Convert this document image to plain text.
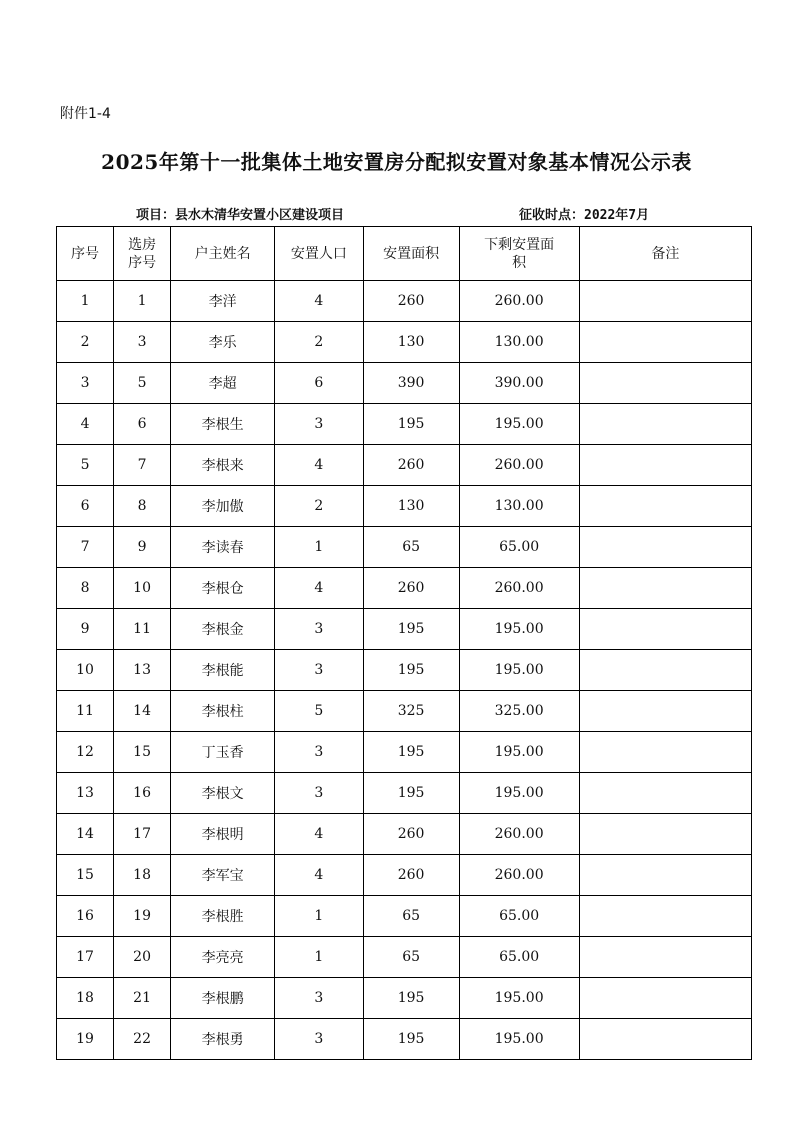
附件1-4
2025年第十一批集体土地安置房分配拟安置对象基本情况公示表
项目：县水木清华安置小区建设项目	征收时点：2022年7月
序号	选房序号	户主姓名	安置人口	安置面积	下剩安置面积	备注
1	1	李洋	4	260	260.00	
2	3	李乐	2	130	130.00	
3	5	李超	6	390	390.00	
4	6	李根生	3	195	195.00	
5	7	李根来	4	260	260.00	
6	8	李加傲	2	130	130.00	
7	9	李读春	1	65	65.00	
8	10	李根仓	4	260	260.00	
9	11	李根金	3	195	195.00	
10	13	李根能	3	195	195.00	
11	14	李根柱	5	325	325.00	
12	15	丁玉香	3	195	195.00	
13	16	李根文	3	195	195.00	
14	17	李根明	4	260	260.00	
15	18	李军宝	4	260	260.00	
16	19	李根胜	1	65	65.00	
17	20	李亮亮	1	65	65.00	
18	21	李根鹏	3	195	195.00	
19	22	李根勇	3	195	195.00	
